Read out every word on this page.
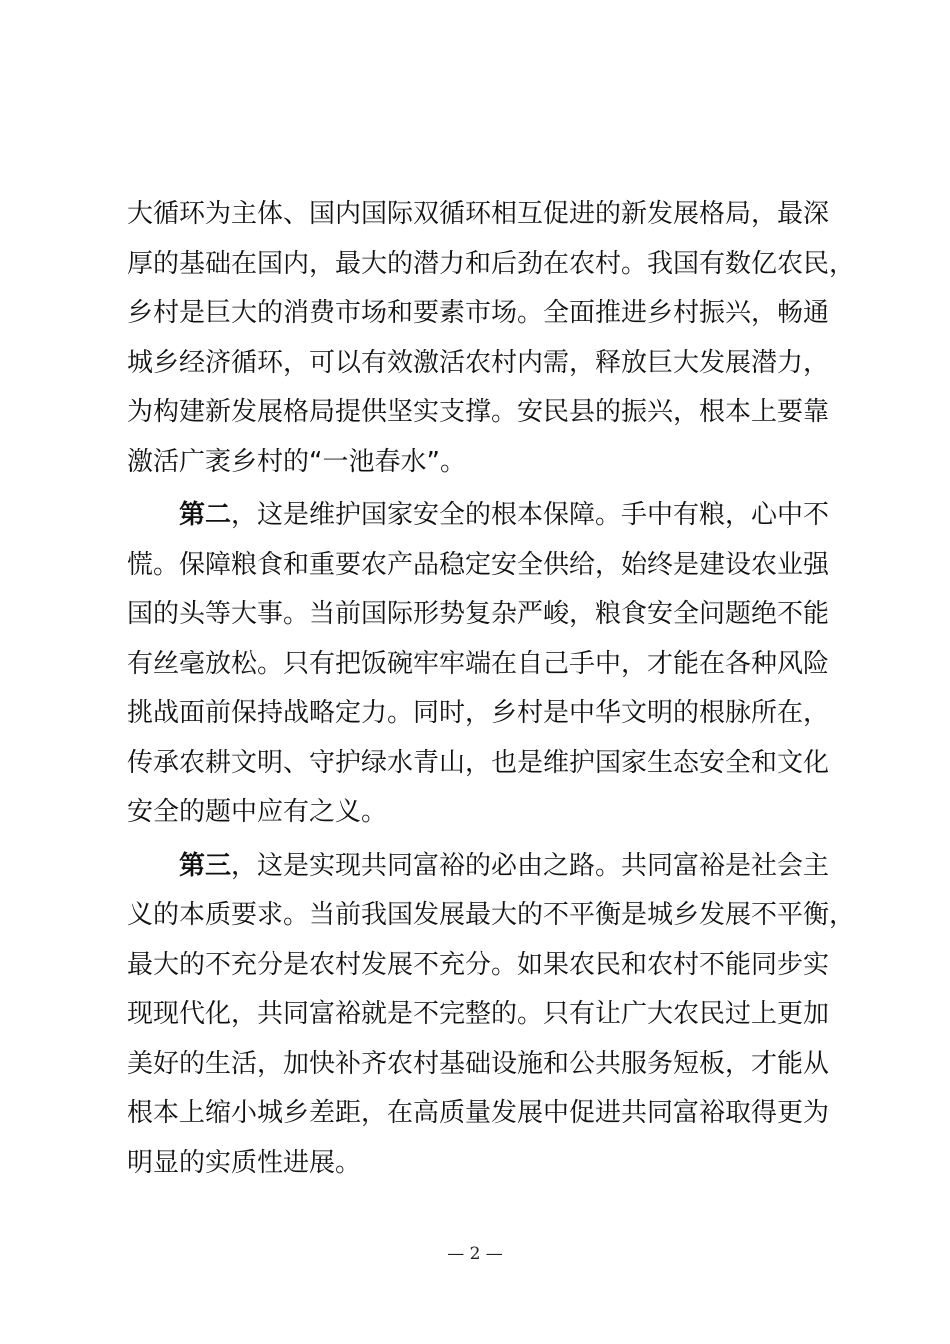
大循环为主体、国内国际双循环相互促进的新发展格局，最深
厚的基础在国内，最大的潜力和后劲在农村。我国有数亿农民，
乡村是巨大的消费市场和要素市场。全面推进乡村振兴，畅通
城乡经济循环，可以有效激活农村内需，释放巨大发展潜力，
为构建新发展格局提供坚实支撑。安民县的振兴，根本上要靠
激活广袤乡村的“一池春水”。
第二，这是维护国家安全的根本保障。手中有粮，心中不
慌。保障粮食和重要农产品稳定安全供给，始终是建设农业强
国的头等大事。当前国际形势复杂严峻，粮食安全问题绝不能
有丝毫放松。只有把饭碗牢牢端在自己手中，才能在各种风险
挑战面前保持战略定力。同时，乡村是中华文明的根脉所在，
传承农耕文明、守护绿水青山，也是维护国家生态安全和文化
安全的题中应有之义。
第三，这是实现共同富裕的必由之路。共同富裕是社会主
义的本质要求。当前我国发展最大的不平衡是城乡发展不平衡，
最大的不充分是农村发展不充分。如果农民和农村不能同步实
现现代化，共同富裕就是不完整的。只有让广大农民过上更加
美好的生活，加快补齐农村基础设施和公共服务短板，才能从
根本上缩小城乡差距，在高质量发展中促进共同富裕取得更为
明显的实质性进展。
— 2 —
